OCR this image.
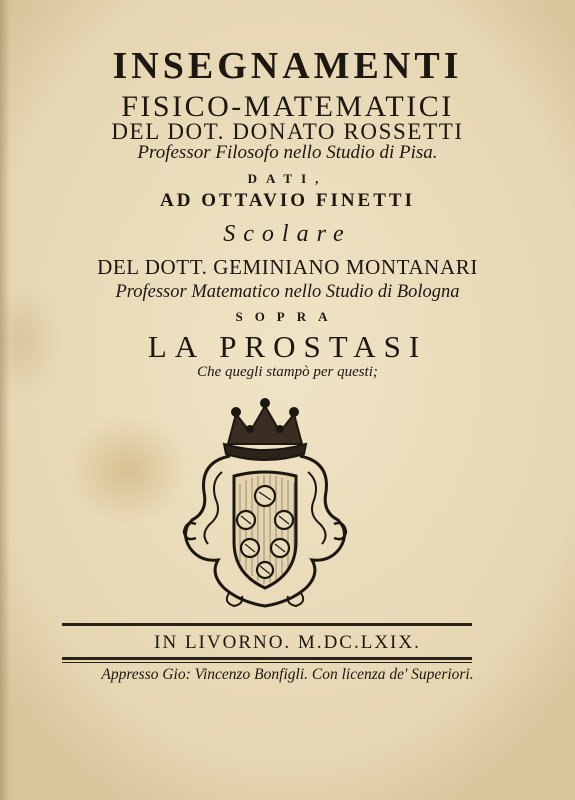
INSEGNAMENTI
FISICO-MATEMATICI
DEL DOT. DONATO ROSSETTI
Professor Filosofo nello Studio di Pisa.
DATI,
AD OTTAVIO FINETTI
Scolare
DEL DOTT. GEMINIANO MONTANARI
Professor Matematico nello Studio di Bologna
SOPRA
LA PROSTASI
Che quegli stampò per questi;
IN LIVORNO. M.DC.LXIX.
Appresso Gio: Vincenzo Bonfigli. Con licenza de' Superiori.
